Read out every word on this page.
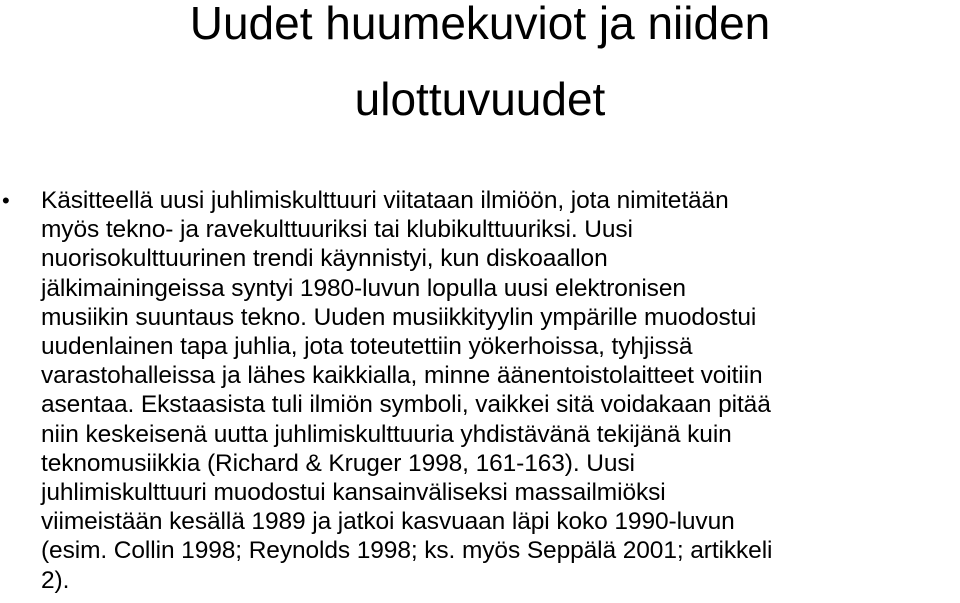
Uudet huumekuviot ja niiden
ulottuvuudet
• Käsitteellä uusi juhlimiskulttuuri viitataan ilmiöön, jota nimitetään
myös tekno- ja ravekulttuuriksi tai klubikulttuuriksi. Uusi
nuorisokulttuurinen trendi käynnistyi, kun diskoaallon
jälkimainingeissa syntyi 1980-luvun lopulla uusi elektronisen
musiikin suuntaus tekno. Uuden musiikkityylin ympärille muodostui
uudenlainen tapa juhlia, jota toteutettiin yökerhoissa, tyhjissä
varastohalleissa ja lähes kaikkialla, minne äänentoistolaitteet voitiin
asentaa. Ekstaasista tuli ilmiön symboli, vaikkei sitä voidakaan pitää
niin keskeisenä uutta juhlimiskulttuuria yhdistävänä tekijänä kuin
teknomusiikkia (Richard & Kruger 1998, 161-163). Uusi
juhlimiskulttuuri muodostui kansainväliseksi massailmiöksi
viimeistään kesällä 1989 ja jatkoi kasvuaan läpi koko 1990-luvun
(esim. Collin 1998; Reynolds 1998; ks. myös Seppälä 2001; artikkeli
2).
